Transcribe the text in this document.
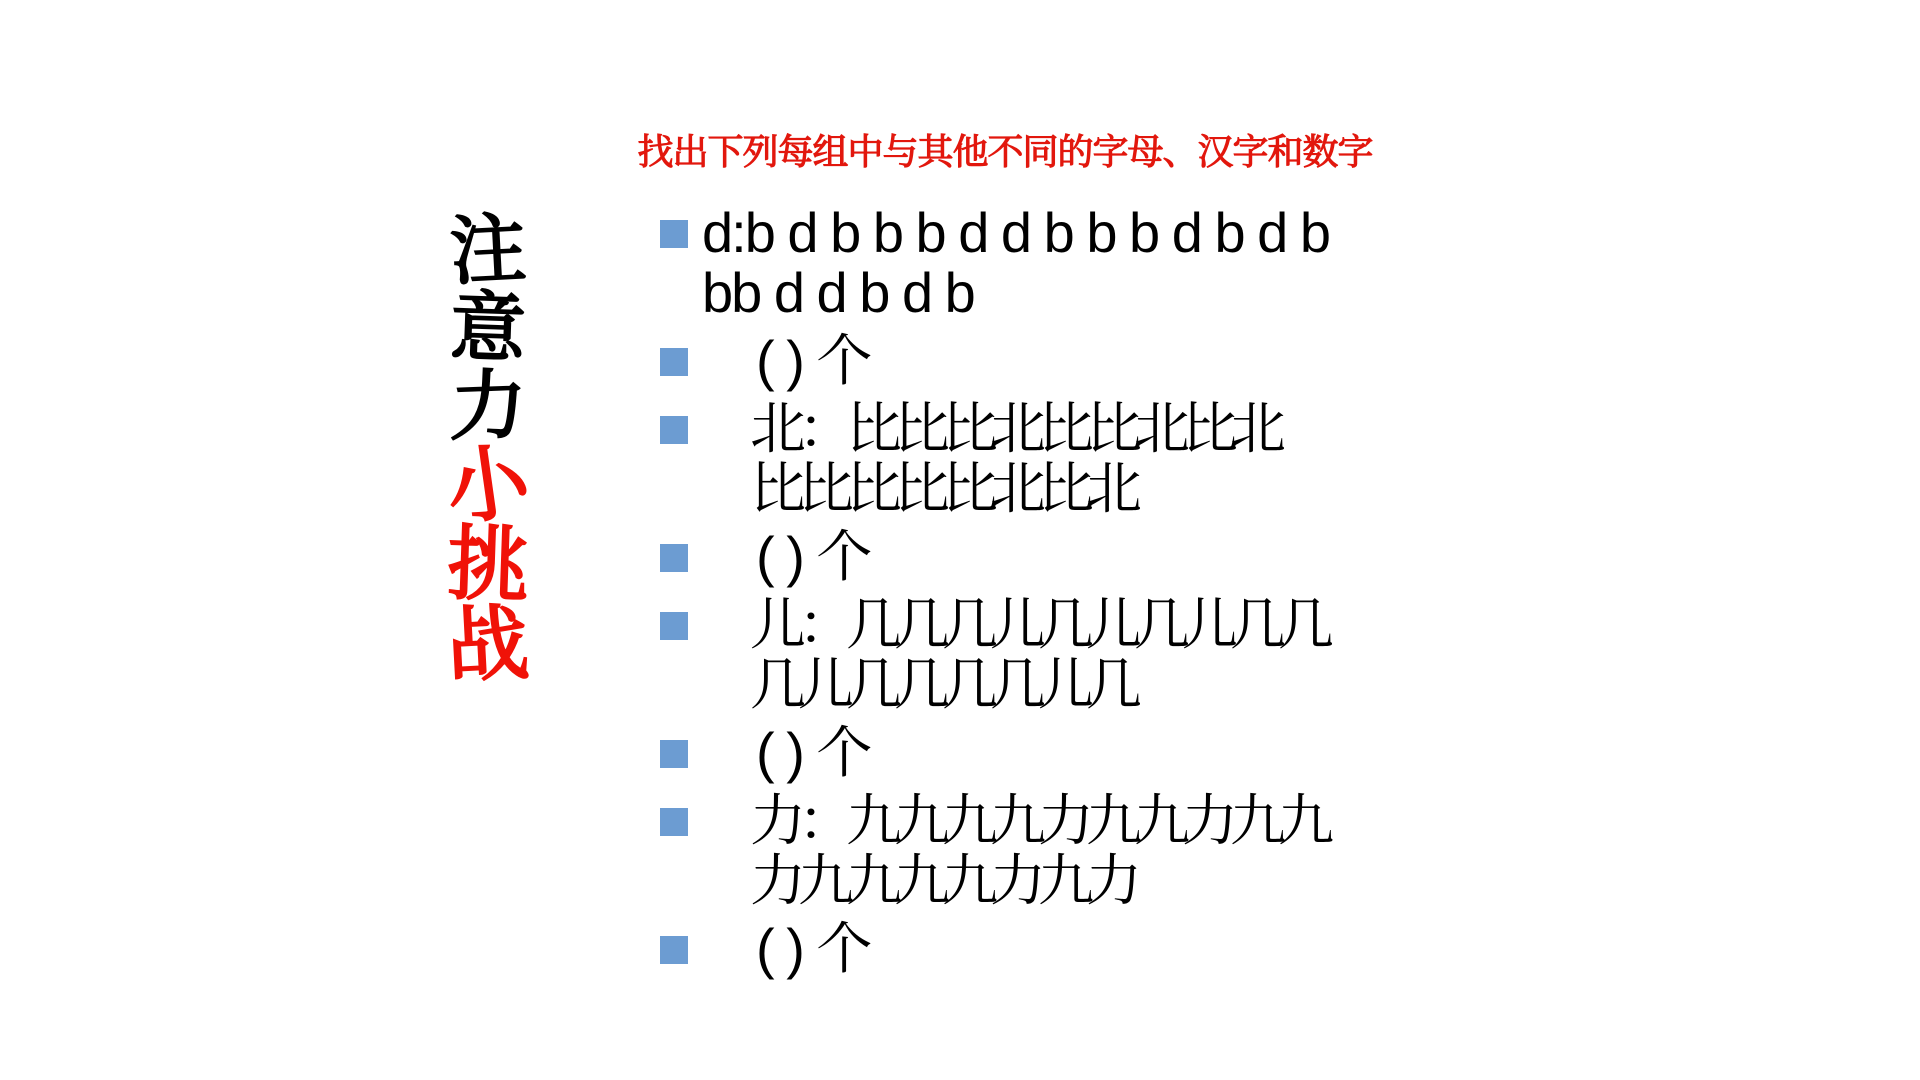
找出下列每组中与其他不同的字母、汉字和数字
注
意
力
小
挑
战
d:b d b b b d d b b b d b d b
bb d d b d b
　( ) 个
　北：比比比北比比北比北
　比比比比比北比北
　( ) 个
　儿：几几几儿几儿几儿几几
　几儿几几几几儿几
　( ) 个
　力：九九九九力九九力九九
　力九九九九力九力
　( ) 个
